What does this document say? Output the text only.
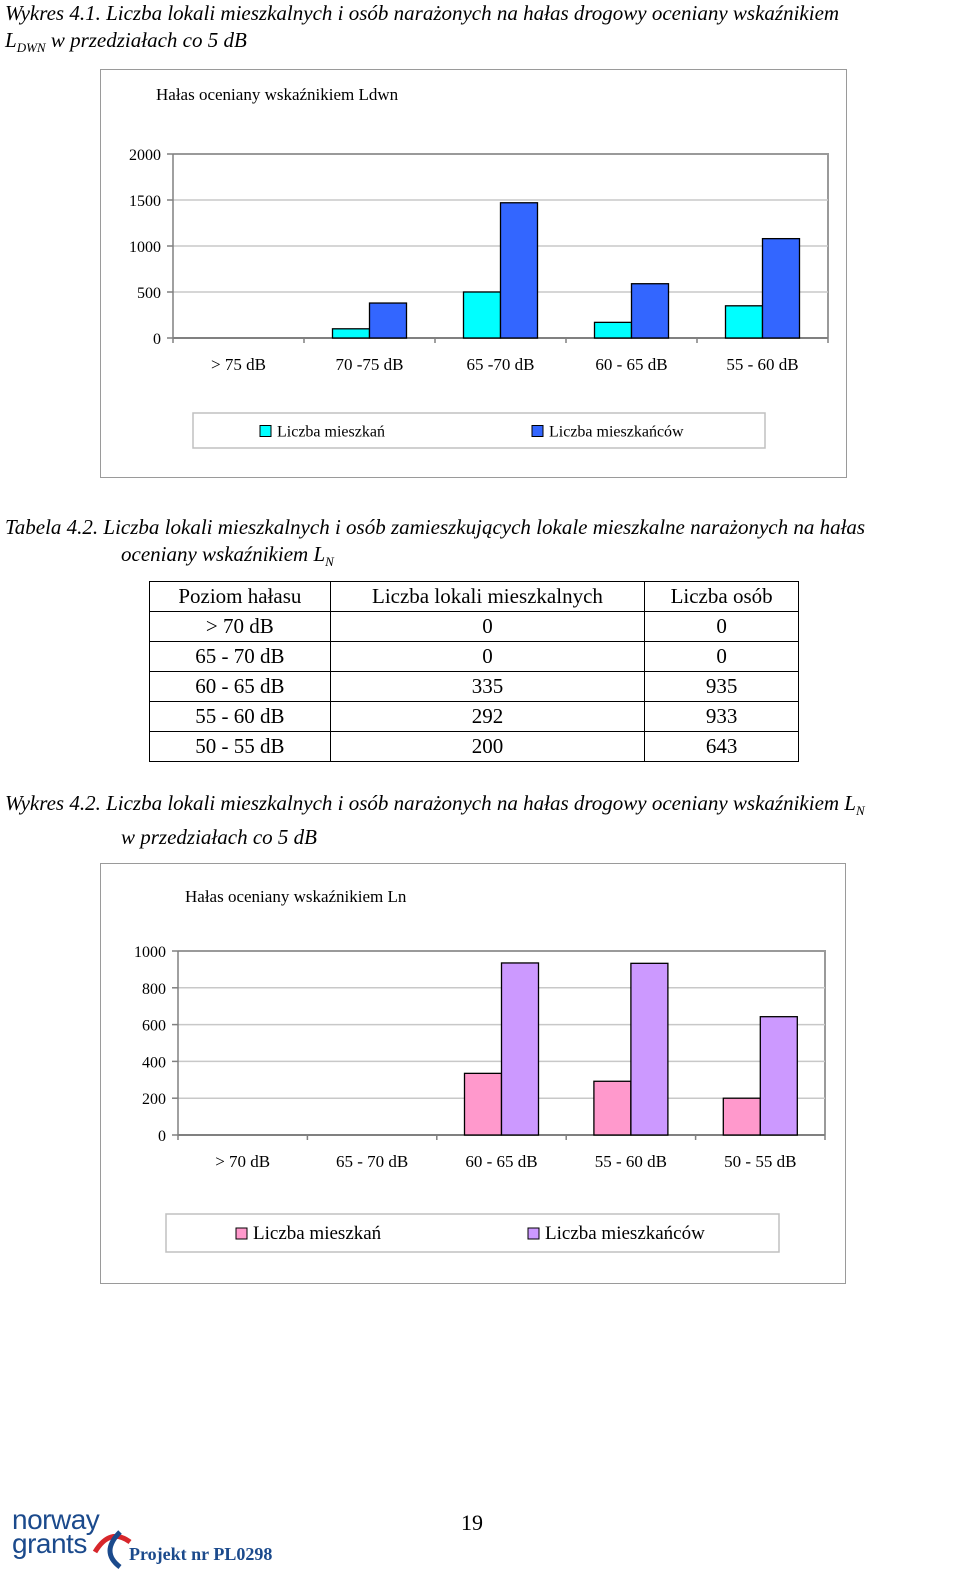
Wykres 4.1. Liczba lokali mieszkalnych i osób narażonych na hałas drogowy oceniany wskaźnikiem
$L_{DWN}$ w przedziałach co 5 dB
Hałas oceniany wskaźnikiem Ldwn
2000
1500
1000
500
0
> 75 dB	70 -75 dB	65 -70 dB	60 - 65 dB	55 - 60 dB
Liczba mieszkań	Liczba mieszkańców
Tabela 4.2. Liczba lokali mieszkalnych i osób zamieszkujących lokale mieszkalne narażonych na hałas
oceniany wskaźnikiem $L_N$
Poziom hałasu	Liczba lokali mieszkalnych	Liczba osób
> 70 dB	0	0
65 - 70 dB	0	0
60 - 65 dB	335	935
55 - 60 dB	292	933
50 - 55 dB	200	643
Wykres 4.2. Liczba lokali mieszkalnych i osób narażonych na hałas drogowy oceniany wskaźnikiem $L_N$
w przedziałach co 5 dB
Hałas oceniany wskaźnikiem Ln
1000
800
600
400
200
0
> 70 dB	65 - 70 dB	60 - 65 dB	55 - 60 dB	50 - 55 dB
Liczba mieszkań	Liczba mieszkańców
19
norway
grants	Projekt nr PL0298
